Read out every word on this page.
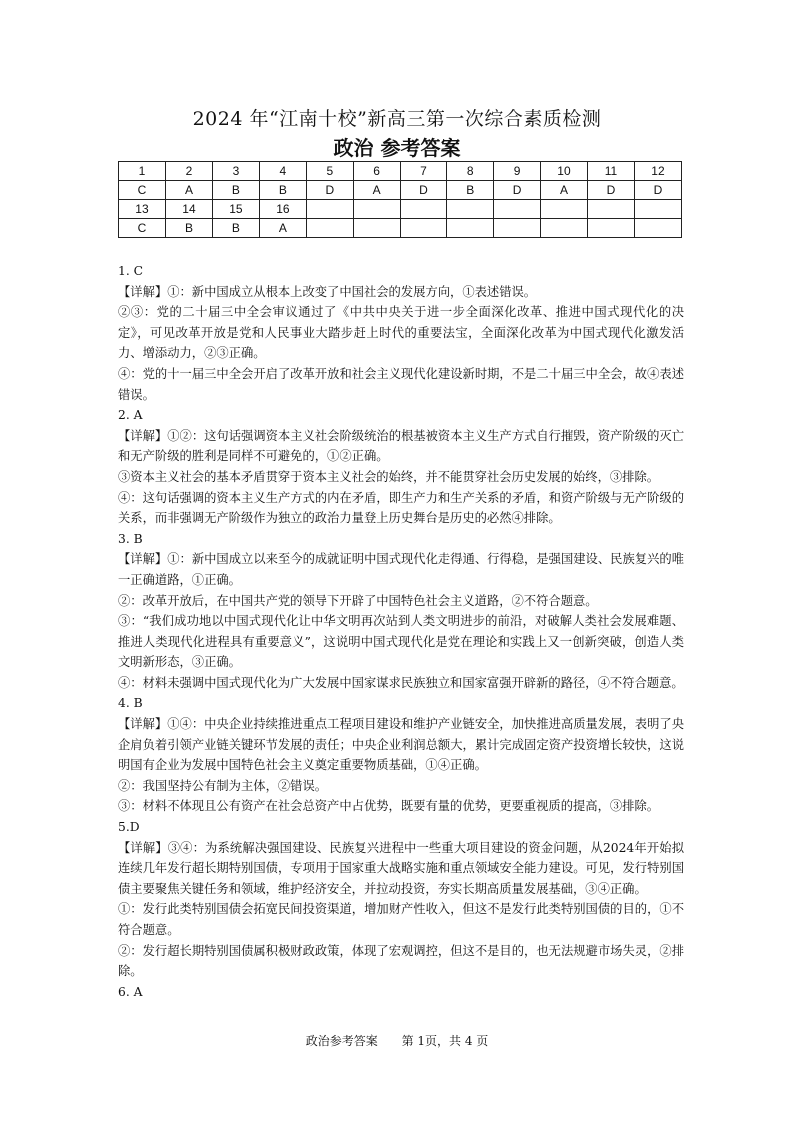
2024 年“江南十校”新高三第一次综合素质检测
政治 参考答案
1	2	3	4	5	6	7	8	9	10	11	12
C	A	B	B	D	A	D	B	D	A	D	D
13	14	15	16								
C	B	B	A								

1. C

【详解】①：新中国成立从根本上改变了中国社会的发展方向，①表述错误。

②③：党的二十届三中全会审议通过了《中共中央关于进一步全面深化改革、推进中国式现代化的决定》，可见改革开放是党和人民事业大踏步赶上时代的重要法宝，全面深化改革为中国式现代化激发活力、增添动力，②③正确。

④：党的十一届三中全会开启了改革开放和社会主义现代化建设新时期，不是二十届三中全会，故④表述错误。

2. A

【详解】①②：这句话强调资本主义社会阶级统治的根基被资本主义生产方式自行摧毁，资产阶级的灭亡和无产阶级的胜利是同样不可避免的，①②正确。

③资本主义社会的基本矛盾贯穿于资本主义社会的始终，并不能贯穿社会历史发展的始终，③排除。

④：这句话强调的资本主义生产方式的内在矛盾，即生产力和生产关系的矛盾，和资产阶级与无产阶级的关系，而非强调无产阶级作为独立的政治力量登上历史舞台是历史的必然④排除。

3. B

【详解】①：新中国成立以来至今的成就证明中国式现代化走得通、行得稳，是强国建设、民族复兴的唯一正确道路，①正确。

②：改革开放后，在中国共产党的领导下开辟了中国特色社会主义道路，②不符合题意。

③：“我们成功地以中国式现代化让中华文明再次站到人类文明进步的前沿，对破解人类社会发展难题、推进人类现代化进程具有重要意义”，这说明中国式现代化是党在理论和实践上又一创新突破，创造人类文明新形态，③正确。

④：材料未强调中国式现代化为广大发展中国家谋求民族独立和国家富强开辟新的路径，④不符合题意。

4. B

【详解】①④：中央企业持续推进重点工程项目建设和维护产业链安全，加快推进高质量发展，表明了央企肩负着引领产业链关键环节发展的责任；中央企业利润总额大，累计完成固定资产投资增长较快，这说明国有企业为发展中国特色社会主义奠定重要物质基础，①④正确。

②：我国坚持公有制为主体，②错误。

③：材料不体现且公有资产在社会总资产中占优势，既要有量的优势，更要重视质的提高，③排除。

5.D

【详解】③④：为系统解决强国建设、民族复兴进程中一些重大项目建设的资金问题，从2024年开始拟连续几年发行超长期特别国债，专项用于国家重大战略实施和重点领域安全能力建设。可见，发行特别国债主要聚焦关键任务和领域，维护经济安全，并拉动投资，夯实长期高质量发展基础，③④正确。

①：发行此类特别国债会拓宽民间投资渠道，增加财产性收入，但这不是发行此类特别国债的目的，①不符合题意。

②：发行超长期特别国债属积极财政政策，体现了宏观调控，但这不是目的，也无法规避市场失灵，②排除。

6. A

政治参考答案 第 1页，共 4 页
